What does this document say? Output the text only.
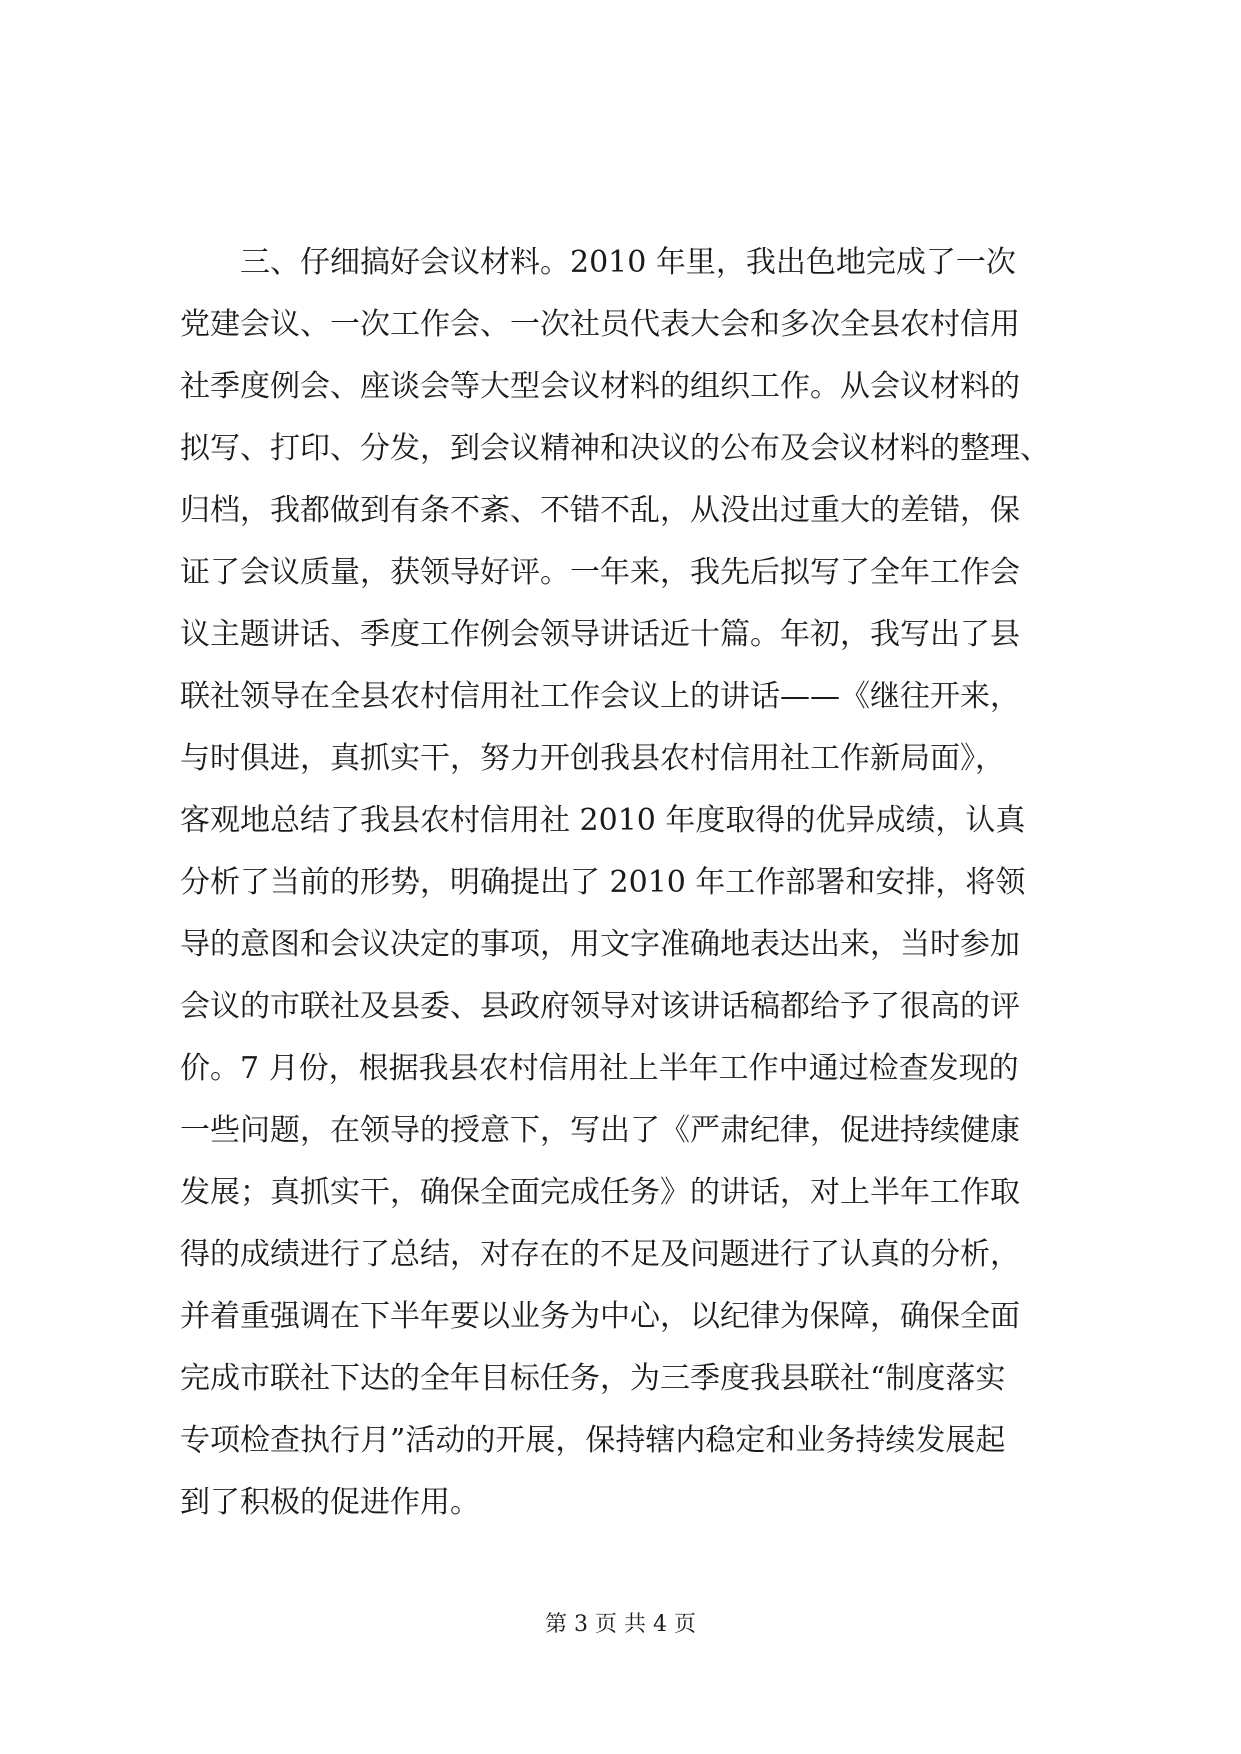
　　三、仔细搞好会议材料。2010 年里，我出色地完成了一次
党建会议、一次工作会、一次社员代表大会和多次全县农村信用
社季度例会、座谈会等大型会议材料的组织工作。从会议材料的
拟写、打印、分发，到会议精神和决议的公布及会议材料的整理、
归档，我都做到有条不紊、不错不乱，从没出过重大的差错，保
证了会议质量，获领导好评。一年来，我先后拟写了全年工作会
议主题讲话、季度工作例会领导讲话近十篇。年初，我写出了县
联社领导在全县农村信用社工作会议上的讲话——《继往开来，
与时俱进，真抓实干，努力开创我县农村信用社工作新局面》，
客观地总结了我县农村信用社 2010 年度取得的优异成绩，认真
分析了当前的形势，明确提出了 2010 年工作部署和安排，将领
导的意图和会议决定的事项，用文字准确地表达出来，当时参加
会议的市联社及县委、县政府领导对该讲话稿都给予了很高的评
价。7 月份，根据我县农村信用社上半年工作中通过检查发现的
一些问题，在领导的授意下，写出了《严肃纪律，促进持续健康
发展；真抓实干，确保全面完成任务》的讲话，对上半年工作取
得的成绩进行了总结，对存在的不足及问题进行了认真的分析，
并着重强调在下半年要以业务为中心，以纪律为保障，确保全面
完成市联社下达的全年目标任务，为三季度我县联社“制度落实
专项检查执行月”活动的开展，保持辖内稳定和业务持续发展起
到了积极的促进作用。
第 3 页 共 4 页
